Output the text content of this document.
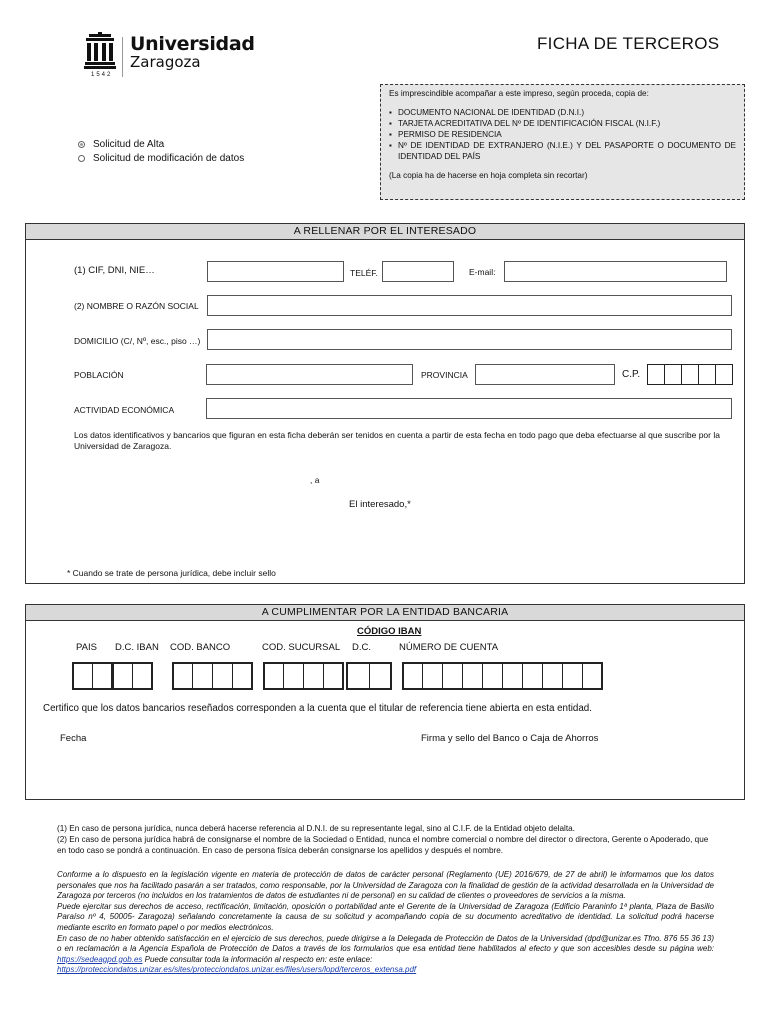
1542
Universidad
Zaragoza
FICHA DE TERCEROS
Es imprescindible acompañar a este impreso, según proceda, copia de:
▪ DOCUMENTO NACIONAL DE IDENTIDAD (D.N.I.)
▪ TARJETA ACREDITATIVA DEL Nº DE IDENTIFICACIÓN FISCAL (N.I.F.)
▪ PERMISO DE RESIDENCIA
▪ Nº DE IDENTIDAD DE EXTRANJERO (N.I.E.) Y DEL PASAPORTE O DOCUMENTO DE IDENTIDAD DEL PAÍS
(La copia ha de hacerse en hoja completa sin recortar)
Solicitud de Alta
Solicitud de modificación de datos
A RELLENAR POR EL INTERESADO
(1) CIF, DNI, NIE…	TELÉF.	E-mail:
(2) NOMBRE O RAZÓN SOCIAL
DOMICILIO (C/, Nº, esc., piso …)
POBLACIÓN	PROVINCIA	C.P.
ACTIVIDAD ECONÓMICA
Los datos identificativos y bancarios que figuran en esta ficha deberán ser tenidos en cuenta a partir de esta fecha en todo pago que deba efectuarse al que suscribe por la Universidad de Zaragoza.
, a
El interesado,*
* Cuando se trate de persona jurídica, debe incluir sello
A CUMPLIMENTAR POR LA ENTIDAD BANCARIA
CÓDIGO IBAN
PAIS D.C. IBAN COD. BANCO	COD. SUCURSAL D.C.	NÚMERO DE CUENTA
Certifico que los datos bancarios reseñados corresponden a la cuenta que el titular de referencia tiene abierta en esta entidad.
Fecha	Firma y sello del Banco o Caja de Ahorros
(1) En caso de persona jurídica, nunca deberá hacerse referencia al D.N.I. de su representante legal, sino al C.I.F. de la Entidad objeto delalta.
(2) En caso de persona jurídica habrá de consignarse el nombre de la Sociedad o Entidad, nunca el nombre comercial o nombre del director o directora, Gerente o Apoderado, que en todo caso se pondrá a continuación. En caso de persona física deberán consignarse los apellidos y después el nombre.
Conforme a lo dispuesto en la legislación vigente en materia de protección de datos de carácter personal (Reglamento (UE) 2016/679, de 27 de abril) le informamos que los datos personales que nos ha facilitado pasarán a ser tratados, como responsable, por la Universidad de Zaragoza con la finalidad de gestión de la actividad desarrollada en la Universidad de Zaragoza por terceros (no incluidos en los tratamientos de datos de estudiantes ni de personal) en su calidad de clientes o proveedores de servicios a la misma.
Puede ejercitar sus derechos de acceso, rectificación, limitación, oposición o portabilidad ante el Gerente de la Universidad de Zaragoza (Edificio Paraninfo 1ª planta, Plaza de Basilio Paraíso nº 4, 50005- Zaragoza) señalando concretamente la causa de su solicitud y acompañando copia de su documento acreditativo de identidad. La solicitud podrá hacerse mediante escrito en formato papel o por medios electrónicos.
En caso de no haber obtenido satisfacción en el ejercicio de sus derechos, puede dirigirse a la Delegada de Protección de Datos de la Universidad (dpd@unizar.es Tfno. 876 55 36 13) o en reclamación a la Agencia Española de Protección de Datos a través de los formularios que esa entidad tiene habilitados al efecto y que son accesibles desde su página web: https://sedeagpd.gob.es Puede consultar toda la información al respecto en: este enlace:
https://protecciondatos.unizar.es/sites/protecciondatos.unizar.es/files/users/lopd/terceros_extensa.pdf
